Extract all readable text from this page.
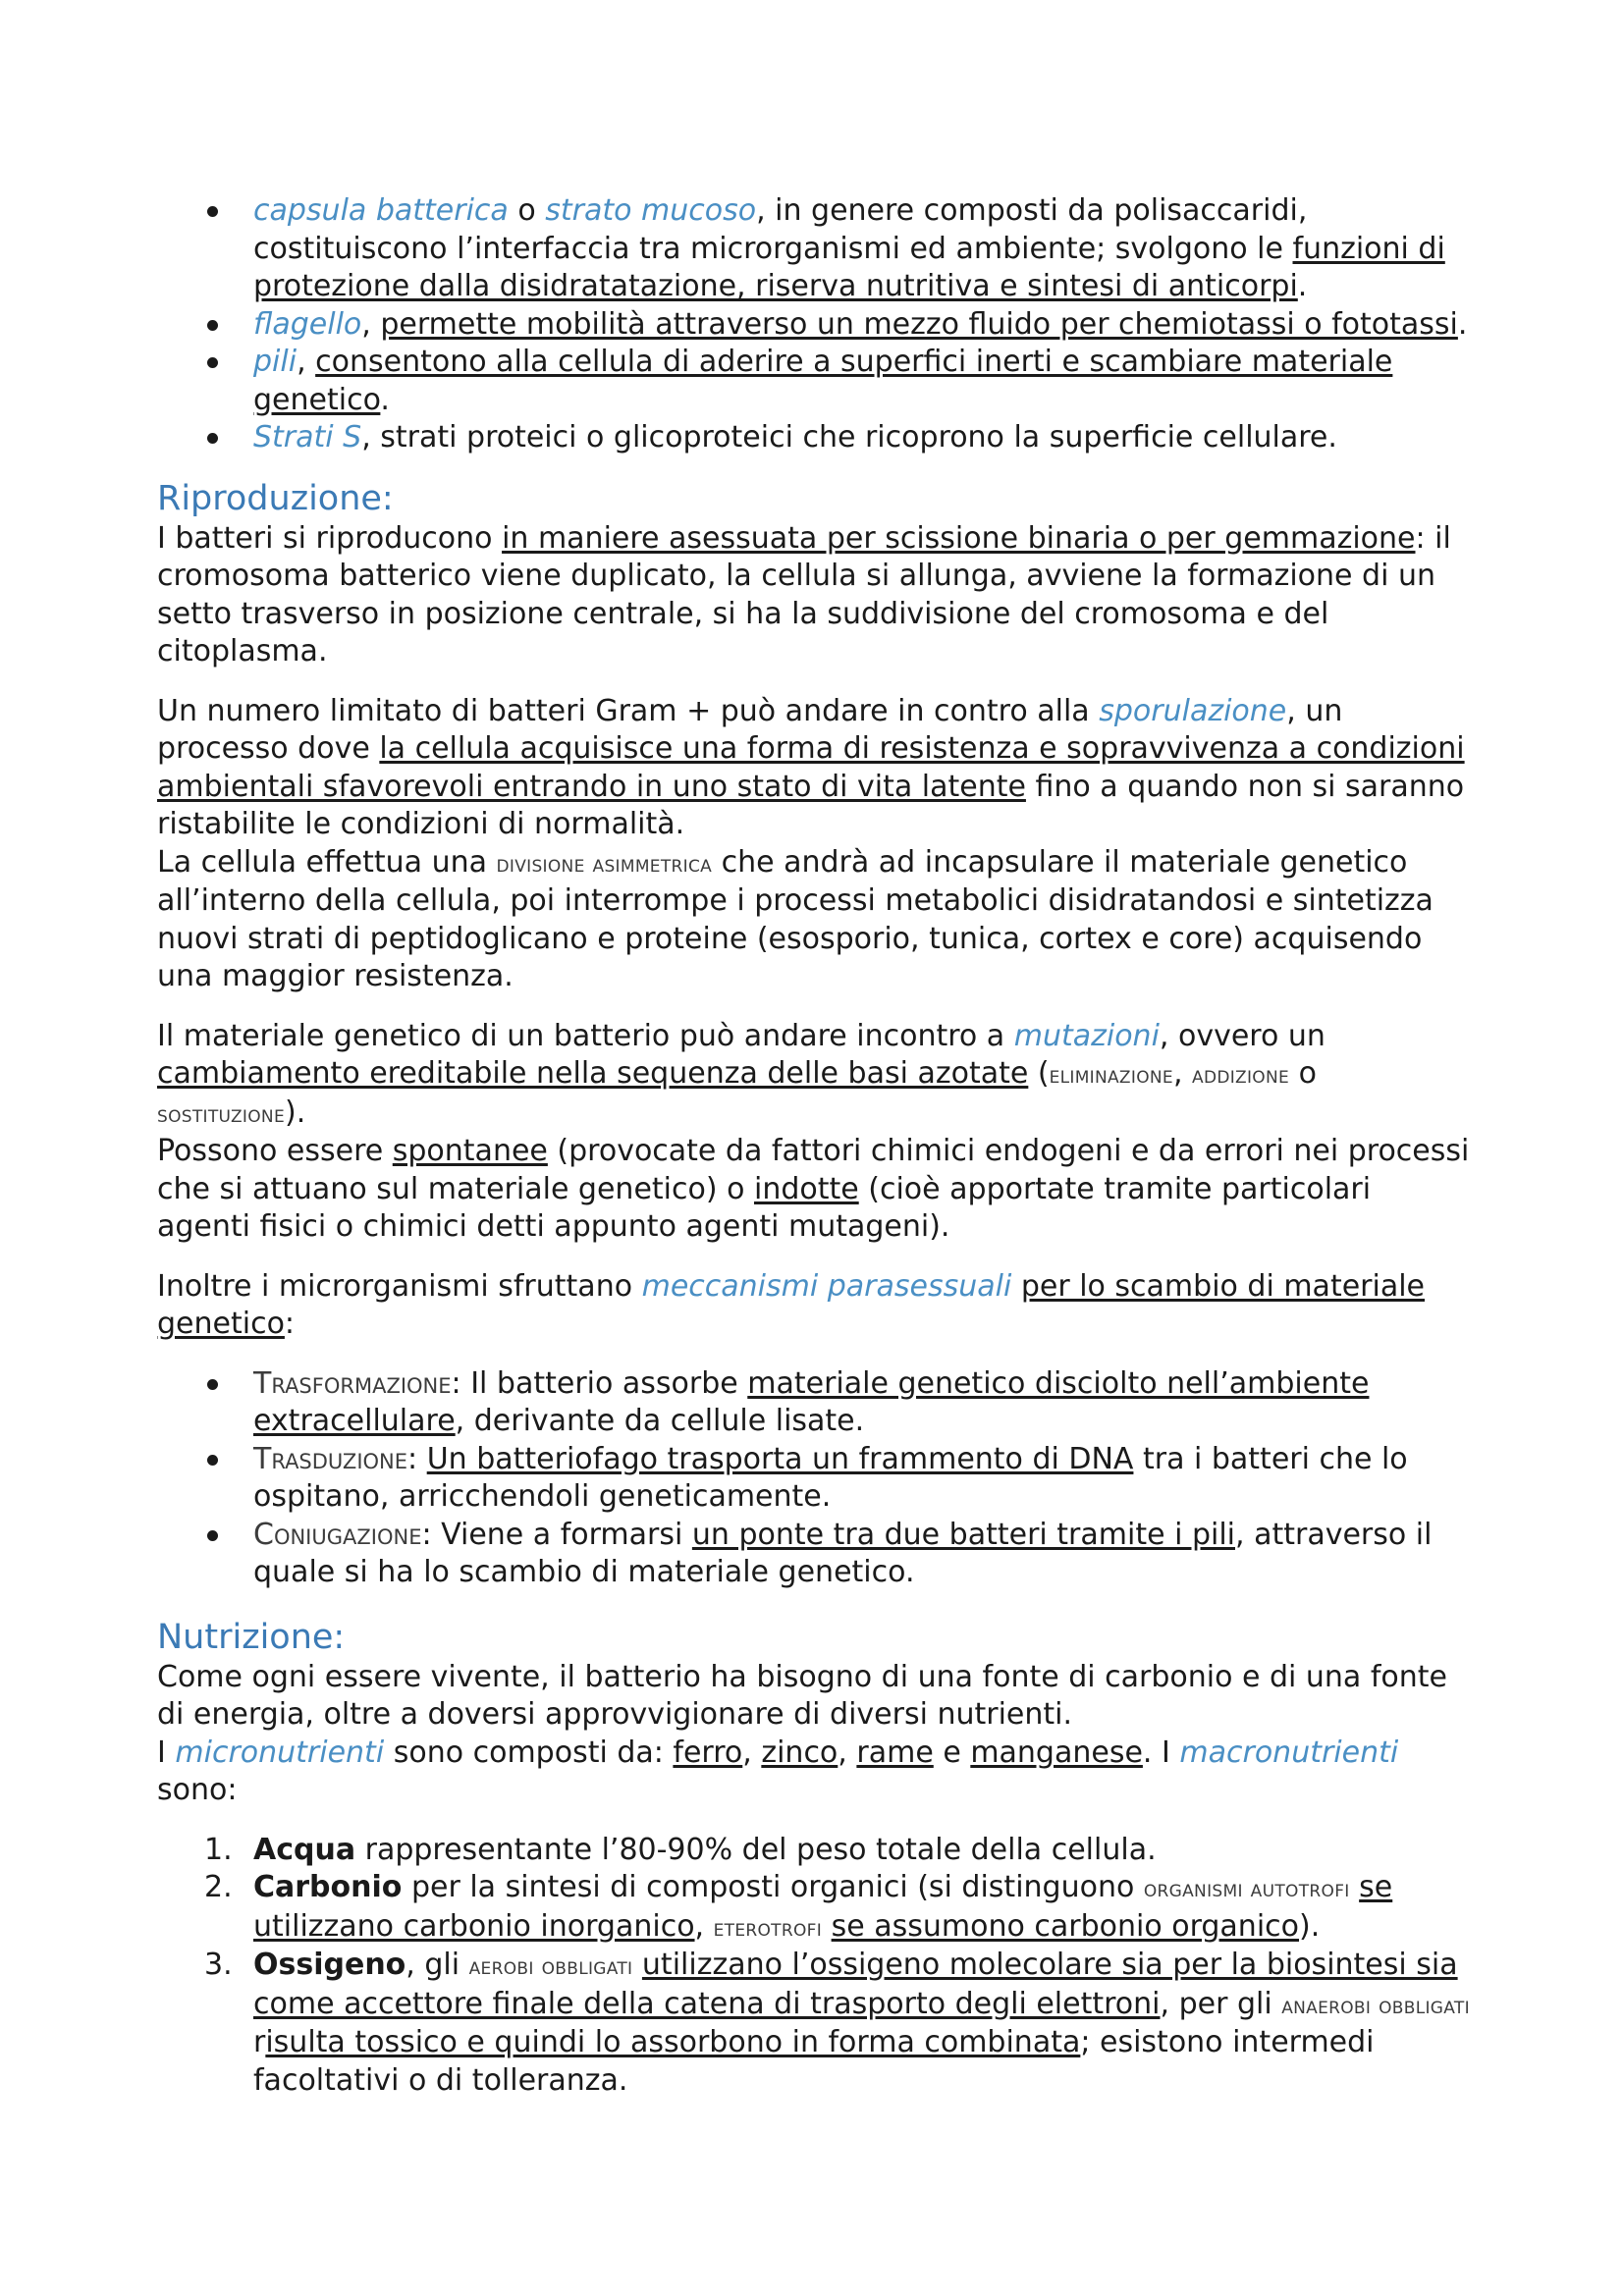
capsula batterica o strato mucoso, in genere composti da polisaccaridi, costituiscono l’interfaccia tra microrganismi ed ambiente; svolgono le funzioni di protezione dalla disidratatazione, riserva nutritiva e sintesi di anticorpi.
flagello, permette mobilità attraverso un mezzo fluido per chemiotassi o fototassi.
pili, consentono alla cellula di aderire a superfici inerti e scambiare materiale genetico.
Strati S, strati proteici o glicoproteici che ricoprono la superficie cellulare.
Riproduzione:

I batteri si riproducono in maniere asessuata per scissione binaria o per gemmazione: il cromosoma batterico viene duplicato, la cellula si allunga, avviene la formazione di un setto trasverso in posizione centrale, si ha la suddivisione del cromosoma e del citoplasma.

Un numero limitato di batteri Gram + può andare in contro alla sporulazione, un processo dove la cellula acquisisce una forma di resistenza e sopravvivenza a condizioni ambientali sfavorevoli entrando in uno stato di vita latente fino a quando non si saranno ristabilite le condizioni di normalità.

La cellula effettua una divisione asimmetrica che andrà ad incapsulare il materiale genetico all’interno della cellula, poi interrompe i processi metabolici disidratandosi e sintetizza nuovi strati di peptidoglicano e proteine (esosporio, tunica, cortex e core) acquisendo una maggior resistenza.

Il materiale genetico di un batterio può andare incontro a mutazioni, ovvero un cambiamento ereditabile nella sequenza delle basi azotate (eliminazione, addizione o sostituzione).

Possono essere spontanee (provocate da fattori chimici endogeni e da errori nei processi che si attuano sul materiale genetico) o indotte (cioè apportate tramite particolari agenti fisici o chimici detti appunto agenti mutageni).

Inoltre i microrganismi sfruttano meccanismi parasessuali per lo scambio di materiale genetico:

Trasformazione: Il batterio assorbe materiale genetico disciolto nell’ambiente extracellulare, derivante da cellule lisate.
Trasduzione: Un batteriofago trasporta un frammento di DNA tra i batteri che lo ospitano, arricchendoli geneticamente.
Coniugazione: Viene a formarsi un ponte tra due batteri tramite i pili, attraverso il quale si ha lo scambio di materiale genetico.
Nutrizione:

Come ogni essere vivente, il batterio ha bisogno di una fonte di carbonio e di una fonte di energia, oltre a doversi approvvigionare di diversi nutrienti.

I micronutrienti sono composti da: ferro, zinco, rame e manganese. I macronutrienti sono:

1. Acqua rappresentante l’80-90% del peso totale della cellula.
2. Carbonio per la sintesi di composti organici (si distinguono organismi autotrofi se utilizzano carbonio inorganico, eterotrofi se assumono carbonio organico).
3. Ossigeno, gli aerobi obbligati utilizzano l’ossigeno molecolare sia per la biosintesi sia come accettore finale della catena di trasporto degli elettroni, per gli anaerobi obbligati risulta tossico e quindi lo assorbono in forma combinata; esistono intermedi facoltativi o di tolleranza.
